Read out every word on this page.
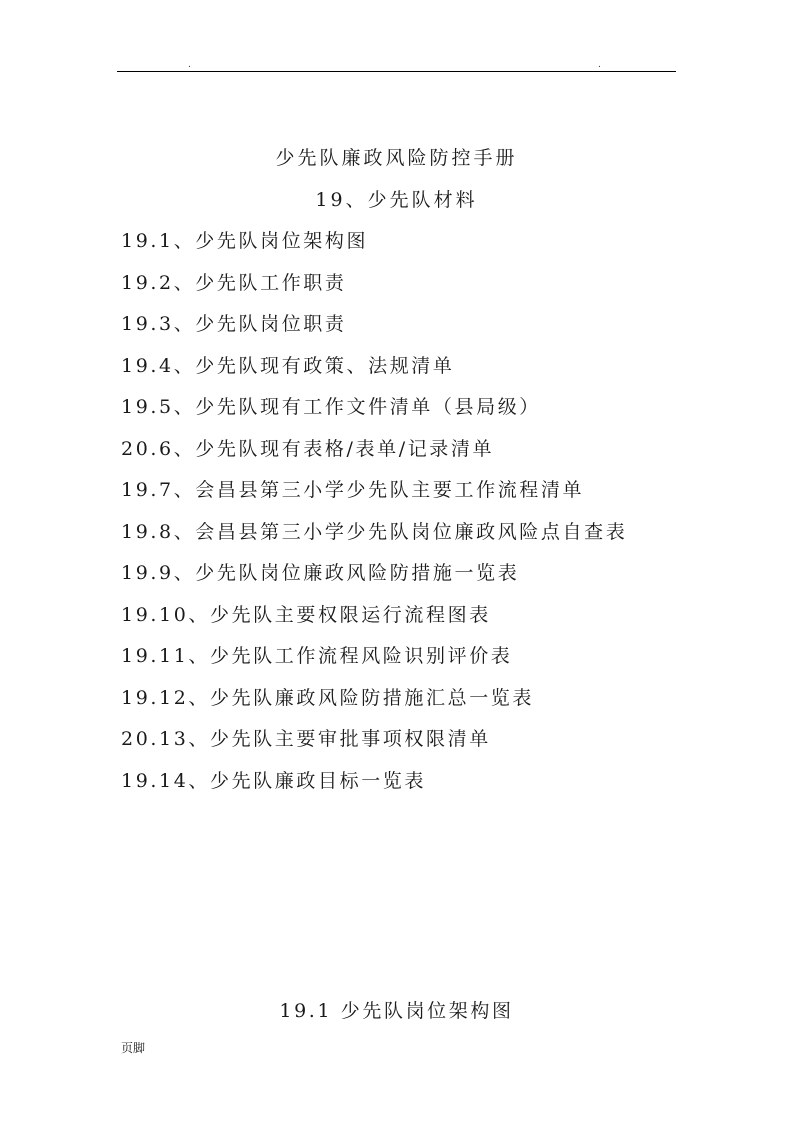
.	.
少先队廉政风险防控手册
19、少先队材料
19.1、少先队岗位架构图
19.2、少先队工作职责
19.3、少先队岗位职责
19.4、少先队现有政策、法规清单
19.5、少先队现有工作文件清单（县局级）
20.6、少先队现有表格/表单/记录清单
19.7、会昌县第三小学少先队主要工作流程清单
19.8、会昌县第三小学少先队岗位廉政风险点自查表
19.9、少先队岗位廉政风险防措施一览表
19.10、少先队主要权限运行流程图表
19.11、少先队工作流程风险识别评价表
19.12、少先队廉政风险防措施汇总一览表
20.13、少先队主要审批事项权限清单
19.14、少先队廉政目标一览表
19.1 少先队岗位架构图
页脚
